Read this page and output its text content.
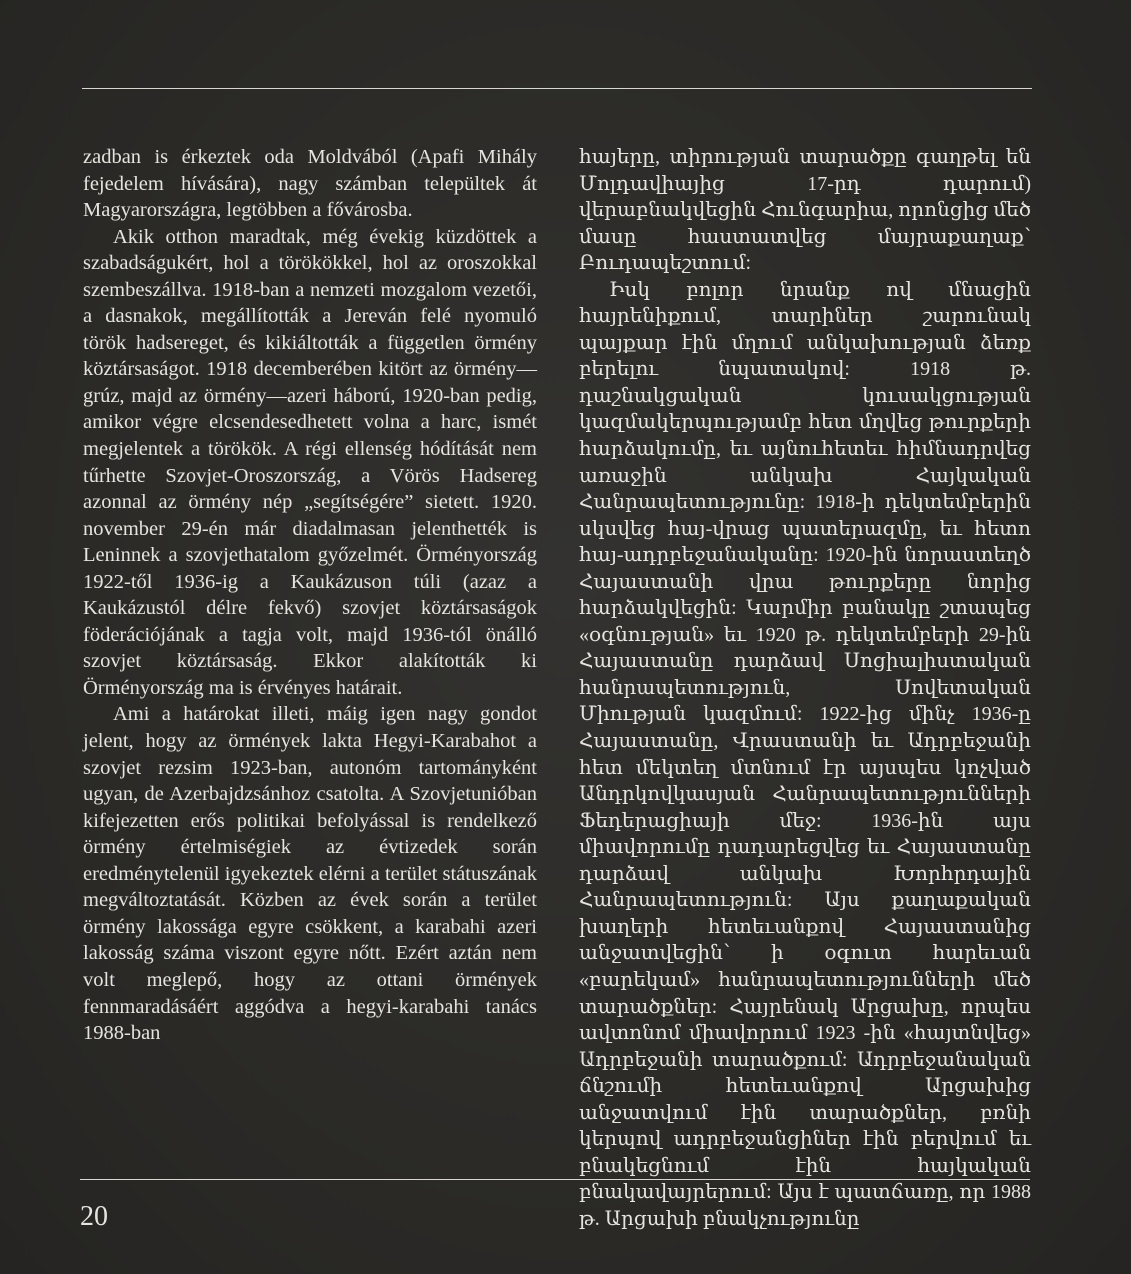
zadban is érkeztek oda Moldvából (Apafi Mihály fejedelem hívására), nagy számban települtek át Magyarországra, legtöbben a fővárosba.

Akik otthon maradtak, még évekig küzdöttek a szabadságukért, hol a törökökkel, hol az oroszokkal szembeszállva. 1918-ban a nemzeti mozgalom vezetői, a dasnakok, megállították a Jereván felé nyomuló török hadsereget, és kikiáltották a független örmény köztársaságot. 1918 decemberében kitört az örmény—grúz, majd az örmény—azeri háború, 1920-ban pedig, amikor végre elcsendesedhetett volna a harc, ismét megjelentek a törökök. A régi ellenség hódítását nem tűrhette Szovjet-Oroszország, a Vörös Hadsereg azonnal az örmény nép „segítségére” sietett. 1920. november 29-én már diadalmasan jelenthették is Leninnek a szovjethatalom győzelmét. Örményország 1922-től 1936-ig a Kaukázuson túli (azaz a Kaukázustól délre fekvő) szovjet köztársaságok föderációjának a tagja volt, majd 1936-tól önálló szovjet köztársaság. Ekkor alakították ki Örményország ma is érvényes határait.

Ami a határokat illeti, máig igen nagy gondot jelent, hogy az örmények lakta Hegyi-Karabahot a szovjet rezsim 1923-ban, autonóm tartományként ugyan, de Azerbajdzsánhoz csatolta. A Szovjetunióban kifejezetten erős politikai befolyással is rendelkező örmény értelmiségiek az évtizedek során eredménytelenül igyekeztek elérni a terület státuszának megváltoztatását. Közben az évek során a terület örmény lakossága egyre csökkent, a karabahi azeri lakosság száma viszont egyre nőtt. Ezért aztán nem volt meglepő, hogy az ottani örmények fennmaradásáért aggódva a hegyi-karabahi tanács 1988-ban

հայերը, տիրության տարածքը գաղթել են Մոլդավիայից 17-րդ դարում) վերաբնակվեցին Հունգարիա, որոնցից մեծ մասը հաստատվեց մայրաքաղաք՝ Բուդապեշտում:

Իսկ բոլոր նրանք ով մնացին հայրենիքում, տարիներ շարունակ պայքար էին մղում անկախության ձեռք բերելու նպատակով: 1918 թ. դաշնակցական կուսակցության կազմակերպությամբ հետ մղվեց թուրքերի հարձակումը, եւ այնուհետեւ հիմնադրվեց առաջին անկախ Հայկական Հանրապետությունը: 1918-ի դեկտեմբերին սկսվեց հայ-վրաց պատերազմը, եւ հետո հայ-ադրբեջանականը: 1920-ին նորաստեղծ Հայաստանի վրա թուրքերը նորից հարձակվեցին: Կարմիր բանակը շտապեց «օգնության» եւ 1920 թ. դեկտեմբերի 29-ին Հայաստանը դարձավ Սոցիալիստական հանրապետություն, Սովետական Միության կազմում: 1922-ից մինչ 1936-ը Հայաստանը, Վրաստանի եւ Ադրբեջանի հետ մեկտեղ մտնում էր այսպես կոչված Անդրկովկասյան Հանրապետությունների Ֆեդերացիայի մեջ: 1936-ին այս միավորումը դադարեցվեց եւ Հայաստանը դարձավ անկախ Խորհրդային Հանրապետություն: Այս քաղաքական խաղերի հետեւանքով Հայաստանից անջատվեցին՝ ի օգուտ հարեւան «բարեկամ» հանրապետությունների մեծ տարածքներ: Հայրենակ Արցախը, որպես ավտոնոմ միավորում 1923 -ին «հայտնվեց» Ադրբեջանի տարածքում: Ադրբեջանական ճնշումի հետեւանքով Արցախից անջատվում էին տարածքներ, բռնի կերպով ադրբեջանցիներ էին բերվում եւ բնակեցնում էին հայկական բնակավայրերում: Այս է պատճառը, որ 1988 թ. Արցախի բնակչությունը

20
